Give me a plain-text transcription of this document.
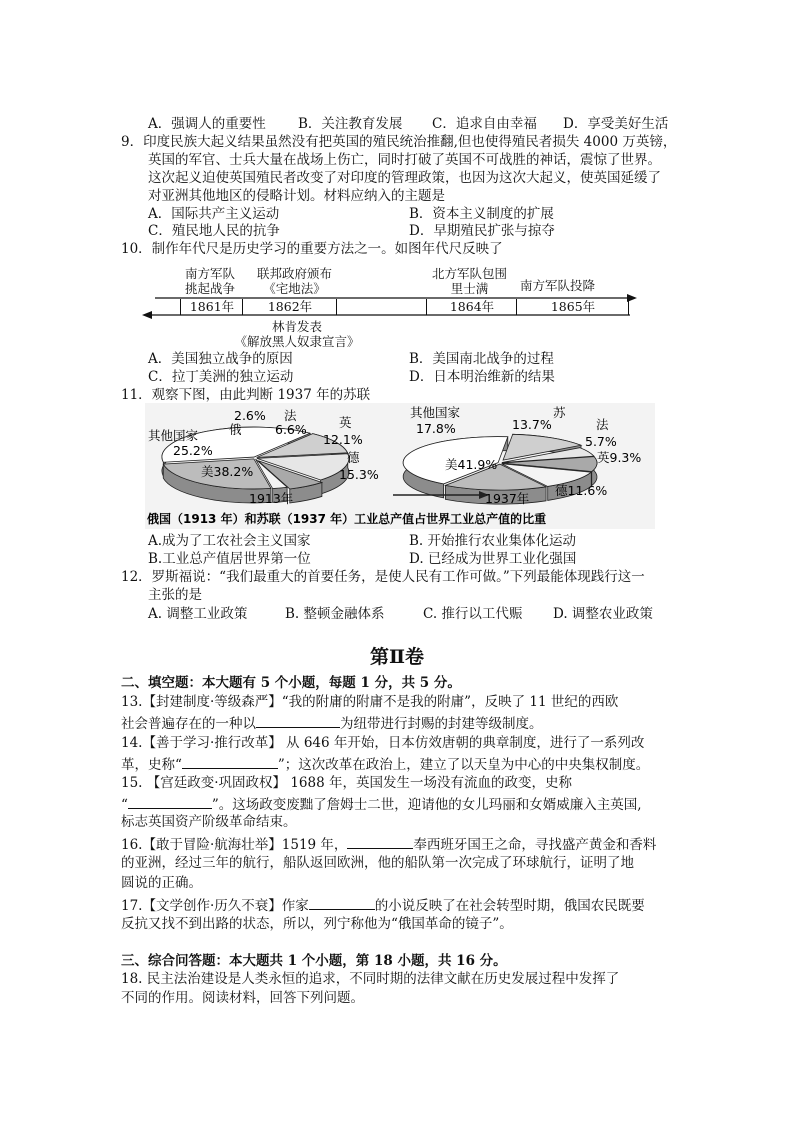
A．强调人的重要性 B．关注教育发展 C．追求自由幸福 D．享受美好生活
9．印度民族大起义结果虽然没有把英国的殖民统治推翻,但也使得殖民者损失 4000 万英镑，
英国的军官、士兵大量在战场上伤亡，同时打破了英国不可战胜的神话，震惊了世界。
这次起义迫使英国殖民者改变了对印度的管理政策，也因为这次大起义，使英国延缓了
对亚洲其他地区的侵略计划。材料应纳入的主题是
A．国际共产主义运动	B．资本主义制度的扩展
C．殖民地人民的抗争	D．早期殖民扩张与掠夺
10．制作年代尺是历史学习的重要方法之一。如图年代尺反映了
南方军队
挑起战争
联邦政府颁布
《宅地法》
北方军队包围
里士满	南方军队投降
1861年	1862年	1864年	1865年
林肯发表
《解放黑人奴隶宣言》
A．美国独立战争的原因	B．美国南北战争的过程
C．拉丁美洲的独立运动	D．日本明治维新的结果
11．观察下图，由此判断 1937 年的苏联
2.6%
俄
法
6.6%	英
12.1%
德
15.3%
其他国家
25.2%
美38.2%
1913年
其他国家
17.8%
苏
13.7%	法
5.7%
英9.3%
德11.6%
美41.9%
1937年
俄国（1913 年）和苏联（1937 年）工业总产值占世界工业总产值的比重
A.成为了工农社会主义国家	B. 开始推行农业集体化运动
B.工业总产值居世界第一位	D. 已经成为世界工业化强国
12．罗斯福说：“我们最重大的首要任务，是使人民有工作可做。”下列最能体现践行这一
主张的是
A. 调整工业政策	B. 整顿金融体系	C. 推行以工代赈 D. 调整农业政策
第Ⅱ卷
二、填空题：本大题有 5 个小题，每题 1 分，共 5 分。
13.【封建制度·等级森严】“我的附庸的附庸不是我的附庸”，反映了 11 世纪的西欧
社会普遍存在的一种以	为纽带进行封赐的封建等级制度。
14.【善于学习·推行改革】 从 646 年开始，日本仿效唐朝的典章制度，进行了一系列改
革，史称“	”；这次改革在政治上，建立了以天皇为中心的中央集权制度。
15. 【宫廷政变·巩固政权】 1688 年，英国发生一场没有流血的政变，史称
“	”。这场政变废黜了詹姆士二世，迎请他的女儿玛丽和女婿威廉入主英国,
标志英国资产阶级革命结束。
16.【敢于冒险·航海壮举】1519 年，	奉西班牙国王之命，寻找盛产黄金和香料
的亚洲，经过三年的航行，船队返回欧洲，他的船队第一次完成了环球航行，证明了地
圆说的正确。
17.【文学创作·历久不衰】作家	的小说反映了在社会转型时期，俄国农民既要
反抗又找不到出路的状态，所以，列宁称他为“俄国革命的镜子”。
三、综合问答题：本大题共 1 个小题，第 18 小题，共 16 分。
18. 民主法治建设是人类永恒的追求，不同时期的法律文献在历史发展过程中发挥了
不同的作用。阅读材料，回答下列问题。
